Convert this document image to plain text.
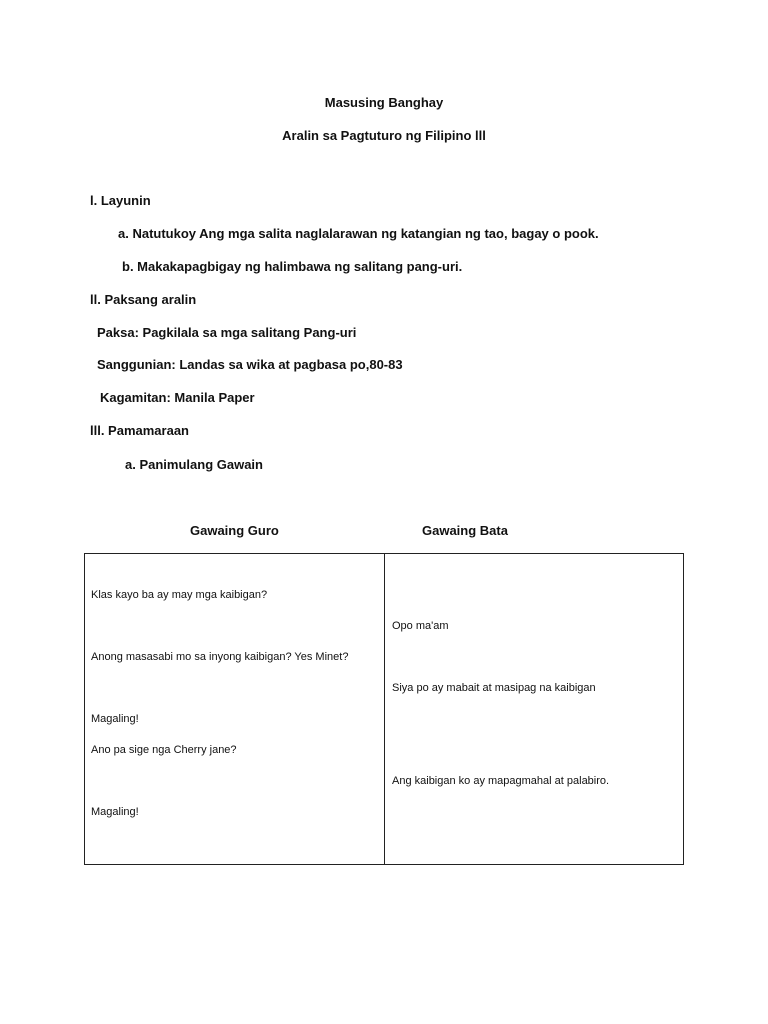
Masusing Banghay
Aralin sa Pagtuturo ng Filipino lll
l. Layunin
a. Natutukoy Ang mga salita naglalarawan ng katangian ng tao, bagay o pook.
b. Makakapagbigay ng halimbawa ng salitang pang-uri.
ll. Paksang aralin
Paksa: Pagkilala sa mga salitang Pang-uri
Sanggunian: Landas sa wika at pagbasa po,80-83
Kagamitan: Manila Paper
lll. Pamamaraan
a. Panimulang Gawain
Gawaing Guro	Gawaing Bata
Klas kayo ba ay may mga kaibigan?
Anong masasabi mo sa inyong kaibigan? Yes Minet?
Magaling!
Ano pa sige nga Cherry jane?
Magaling!
Opo ma'am
Siya po ay mabait at masipag na kaibigan
Ang kaibigan ko ay mapagmahal at palabiro.
